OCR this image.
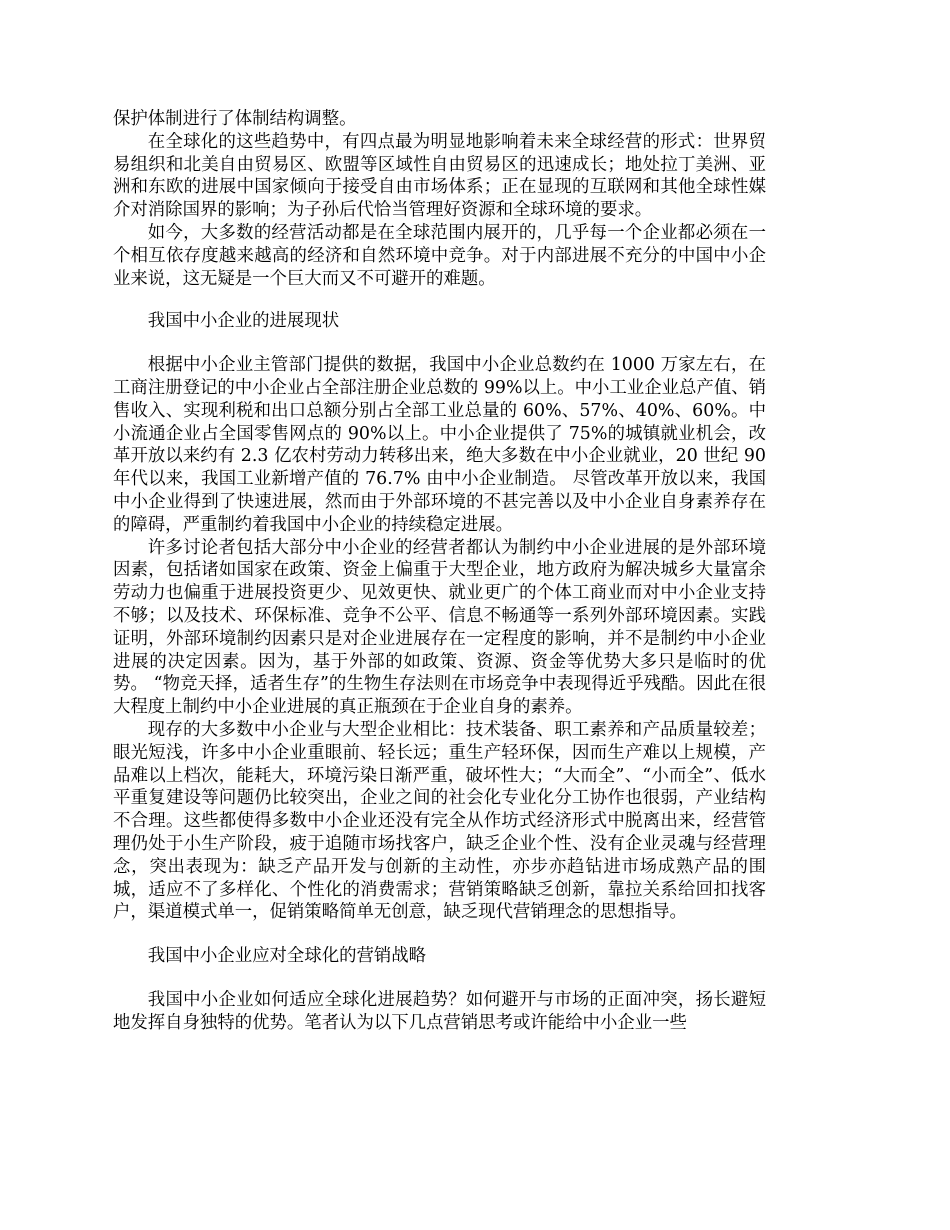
保护体制进行了体制结构调整。

在全球化的这些趋势中，有四点最为明显地影响着未来全球经营的形式：世界贸易组织和北美自由贸易区、欧盟等区域性自由贸易区的迅速成长；地处拉丁美洲、亚洲和东欧的进展中国家倾向于接受自由市场体系；正在显现的互联网和其他全球性媒介对消除国界的影响；为子孙后代恰当管理好资源和全球环境的要求。

如今，大多数的经营活动都是在全球范围内展开的，几乎每一个企业都必须在一个相互依存度越来越高的经济和自然环境中竞争。对于内部进展不充分的中国中小企业来说，这无疑是一个巨大而又不可避开的难题。

我国中小企业的进展现状

根据中小企业主管部门提供的数据，我国中小企业总数约在 1000 万家左右，在工商注册登记的中小企业占全部注册企业总数的 99%以上。中小工业企业总产值、销售收入、实现利税和出口总额分别占全部工业总量的 60%、57%、40%、60%。中小流通企业占全国零售网点的 90%以上。中小企业提供了 75%的城镇就业机会，改革开放以来约有 2.3 亿农村劳动力转移出来，绝大多数在中小企业就业，20 世纪 90 年代以来，我国工业新增产值的 76.7% 由中小企业制造。 尽管改革开放以来，我国中小企业得到了快速进展，然而由于外部环境的不甚完善以及中小企业自身素养存在的障碍，严重制约着我国中小企业的持续稳定进展。

许多讨论者包括大部分中小企业的经营者都认为制约中小企业进展的是外部环境因素，包括诸如国家在政策、资金上偏重于大型企业，地方政府为解决城乡大量富余劳动力也偏重于进展投资更少、见效更快、就业更广的个体工商业而对中小企业支持不够；以及技术、环保标准、竞争不公平、信息不畅通等一系列外部环境因素。实践证明，外部环境制约因素只是对企业进展存在一定程度的影响，并不是制约中小企业进展的决定因素。因为，基于外部的如政策、资源、资金等优势大多只是临时的优势。 “物竞天择，适者生存”的生物生存法则在市场竞争中表现得近乎残酷。因此在很大程度上制约中小企业进展的真正瓶颈在于企业自身的素养。

现存的大多数中小企业与大型企业相比：技术装备、职工素养和产品质量较差；眼光短浅，许多中小企业重眼前、轻长远；重生产轻环保，因而生产难以上规模，产品难以上档次，能耗大，环境污染日渐严重，破坏性大；“大而全”、“小而全”、低水平重复建设等问题仍比较突出，企业之间的社会化专业化分工协作也很弱，产业结构不合理。这些都使得多数中小企业还没有完全从作坊式经济形式中脱离出来，经营管理仍处于小生产阶段，疲于追随市场找客户，缺乏企业个性、没有企业灵魂与经营理念，突出表现为：缺乏产品开发与创新的主动性，亦步亦趋钻进市场成熟产品的围城，适应不了多样化、个性化的消费需求；营销策略缺乏创新，靠拉关系给回扣找客户，渠道模式单一，促销策略简单无创意，缺乏现代营销理念的思想指导。

我国中小企业应对全球化的营销战略

我国中小企业如何适应全球化进展趋势？如何避开与市场的正面冲突，扬长避短地发挥自身独特的优势。笔者认为以下几点营销思考或许能给中小企业一些
